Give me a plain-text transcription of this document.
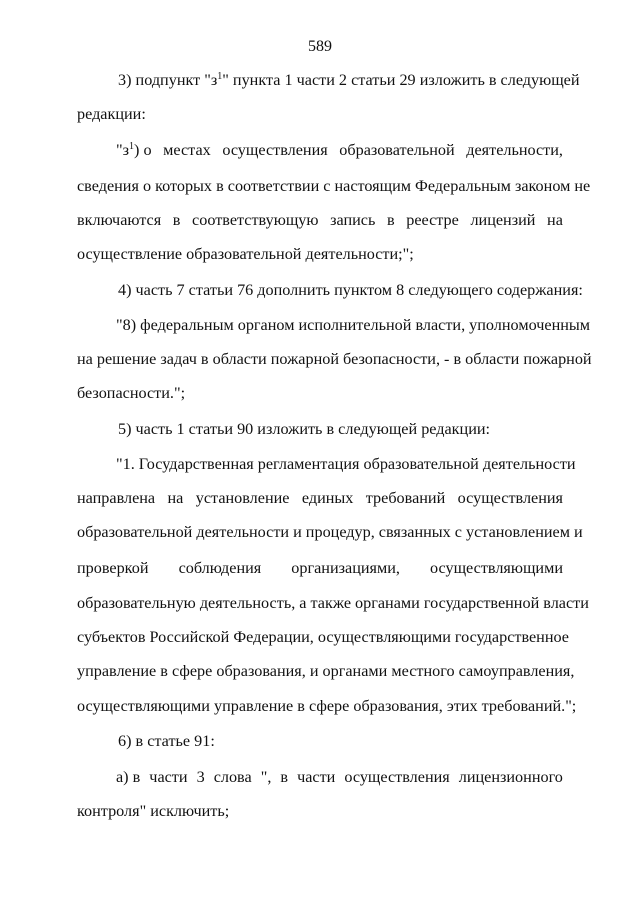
589
3) подпункт "$з^1$" пункта 1 части 2 статьи 29 изложить в следующей
редакции:
"$з^1$) о местах осуществления образовательной деятельности,
сведения о которых в соответствии с настоящим Федеральным законом не
включаются в соответствующую запись в реестре лицензий на
осуществление образовательной деятельности;";
4) часть 7 статьи 76 дополнить пунктом 8 следующего содержания:
"8) федеральным органом исполнительной власти, уполномоченным
на решение задач в области пожарной безопасности, - в области пожарной
безопасности.";
5) часть 1 статьи 90 изложить в следующей редакции:
"1. Государственная регламентация образовательной деятельности
направлена на установление единых требований осуществления
образовательной деятельности и процедур, связанных с установлением и
проверкой соблюдения организациями, осуществляющими
образовательную деятельность, а также органами государственной власти
субъектов Российской Федерации, осуществляющими государственное
управление в сфере образования, и органами местного самоуправления,
осуществляющими управление в сфере образования, этих требований.";
6) в статье 91:
а) в части 3 слова ", в части осуществления лицензионного
контроля" исключить;
